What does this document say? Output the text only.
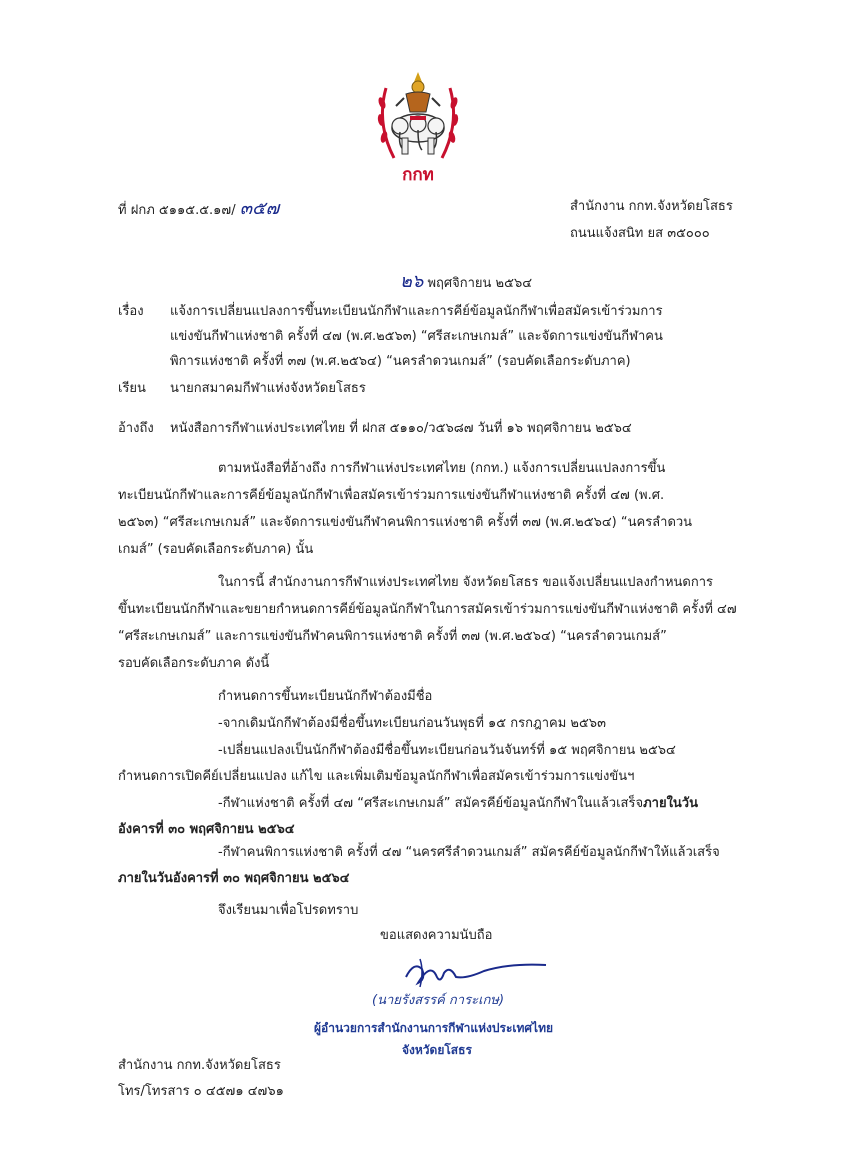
กกท
ที่ ฝกภ ๕๑๑๕.๕.๑๗/ ๓๕๗	สำนักงาน กกท.จังหวัดยโสธร
ถนนแจ้งสนิท ยส ๓๕๐๐๐
๒๖ พฤศจิกายน ๒๕๖๔
เรื่อง แจ้งการเปลี่ยนแปลงการขึ้นทะเบียนนักกีฬาและการคีย์ข้อมูลนักกีฬาเพื่อสมัครเข้าร่วมการ
แข่งขันกีฬาแห่งชาติ ครั้งที่ ๔๗ (พ.ศ.๒๕๖๓) “ศรีสะเกษเกมส์” และจัดการแข่งขันกีฬาคน
พิการแห่งชาติ ครั้งที่ ๓๗ (พ.ศ.๒๕๖๔) “นครลำดวนเกมส์” (รอบคัดเลือกระดับภาค)
เรียน นายกสมาคมกีฬาแห่งจังหวัดยโสธร
อ้างถึง หนังสือการกีฬาแห่งประเทศไทย ที่ ฝกส ๕๑๑๐/ว๕๖๘๗ วันที่ ๑๖ พฤศจิกายน ๒๕๖๔
ตามหนังสือที่อ้างถึง การกีฬาแห่งประเทศไทย (กกท.) แจ้งการเปลี่ยนแปลงการขึ้น
ทะเบียนนักกีฬาและการคีย์ข้อมูลนักกีฬาเพื่อสมัครเข้าร่วมการแข่งขันกีฬาแห่งชาติ ครั้งที่ ๔๗ (พ.ศ.
๒๕๖๓) “ศรีสะเกษเกมส์” และจัดการแข่งขันกีฬาคนพิการแห่งชาติ ครั้งที่ ๓๗ (พ.ศ.๒๕๖๔) “นครลำดวน
เกมส์” (รอบคัดเลือกระดับภาค) นั้น
ในการนี้ สำนักงานการกีฬาแห่งประเทศไทย จังหวัดยโสธร ขอแจ้งเปลี่ยนแปลงกำหนดการ
ขึ้นทะเบียนนักกีฬาและขยายกำหนดการคีย์ข้อมูลนักกีฬาในการสมัครเข้าร่วมการแข่งขันกีฬาแห่งชาติ ครั้งที่ ๔๗
“ศรีสะเกษเกมส์” และการแข่งขันกีฬาคนพิการแห่งชาติ ครั้งที่ ๓๗ (พ.ศ.๒๕๖๔) “นครลำดวนเกมส์”
รอบคัดเลือกระดับภาค ดังนี้
กำหนดการขึ้นทะเบียนนักกีฬาต้องมีชื่อ
-จากเดิมนักกีฬาต้องมีชื่อขึ้นทะเบียนก่อนวันพุธที่ ๑๕ กรกฎาคม ๒๕๖๓
-เปลี่ยนแปลงเป็นนักกีฬาต้องมีชื่อขึ้นทะเบียนก่อนวันจันทร์ที่ ๑๕ พฤศจิกายน ๒๕๖๔
กำหนดการเปิดคีย์เปลี่ยนแปลง แก้ไข และเพิ่มเติมข้อมูลนักกีฬาเพื่อสมัครเข้าร่วมการแข่งขันฯ
-กีฬาแห่งชาติ ครั้งที่ ๔๗ “ศรีสะเกษเกมส์” สมัครคีย์ข้อมูลนักกีฬาในแล้วเสร็จภายในวัน
อังคารที่ ๓๐ พฤศจิกายน ๒๕๖๔
-กีฬาคนพิการแห่งชาติ ครั้งที่ ๔๗ “นครศรีลำดวนเกมส์” สมัครคีย์ข้อมูลนักกีฬาให้แล้วเสร็จ
ภายในวันอังคารที่ ๓๐ พฤศจิกายน ๒๕๖๔
จึงเรียนมาเพื่อโปรดทราบ
ขอแสดงความนับถือ
(นายรังสรรค์ การะเกษ)
ผู้อำนวยการสำนักงานการกีฬาแห่งประเทศไทย
จังหวัดยโสธร
สำนักงาน กกท.จังหวัดยโสธร
โทร/โทรสาร ๐ ๔๕๗๑ ๔๗๖๑
